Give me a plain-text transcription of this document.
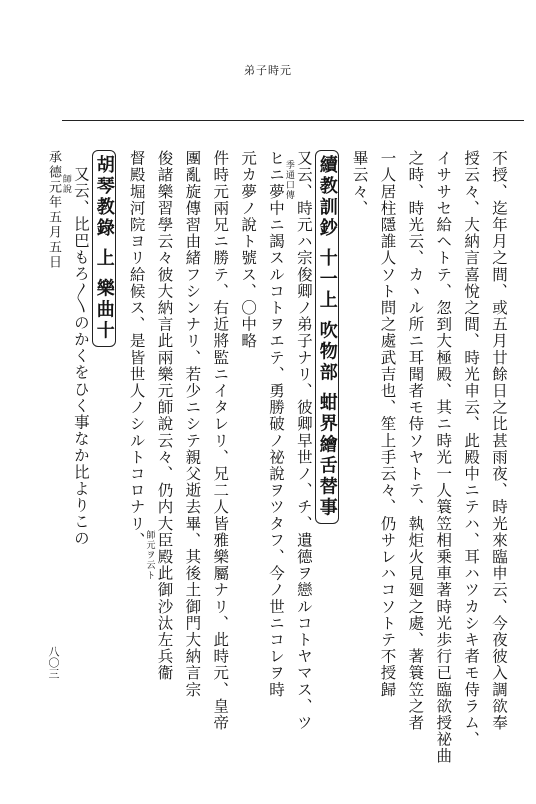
弟子時元
八〇三	不授、迄年月之間、或五月廿餘日之比甚雨夜、時光來臨申云、今夜彼入調欲奉
授云々、大納言喜悅之間、時光申云、此殿中ニテハ、耳ハツカシキ者モ侍ラム、
イササセ給ヘトテ、忽到大極殿、其ニ時光一人簑笠相乗車著時光歩行已臨欲授祕曲
之時、時光云、カヽル所ニ耳聞者モ侍ソヤトテ、執炬火見廻之處、著簑笠之者
一人居柱隱誰人ソト問之處武吉也、笙上手云々、仍サレハコソトテ不授歸
畢云々、
續教訓鈔 十一上 吹物部 蚶界繪舌替事
又云、時元ハ宗俊卿ノ弟子ナリ、彼卿早世ノ、チ、遺德ヲ戀ルコトヤマス、ツ
季通口傳
ヒニ夢中ニ謁スルコトヲエテ、勇勝破ノ祕說ヲツタフ、今ノ世ニコレヲ時
元カ夢ノ說ト號ス、〇中略
件時元兩兄ニ勝テ、右近將監ニイタレリ、兄二人皆雅樂屬ナリ、此時元、皇帝
團亂旋傳習由緒フシンナリ、若少ニシテ親父逝去畢、其後土御門大納言宗
俊諸樂習學云々彼大納言此兩樂元師說云々、仍内大臣殿此御沙汰左兵衞
師元ヲ云ト
督殿堀河院ヨリ給候ス、是皆世人ノシルトコロナリ、
胡琴教錄 上 樂曲十
又云、比巴もろ〳〵のかくをひく事なか比よりこの
師說
承德元年五月五日
